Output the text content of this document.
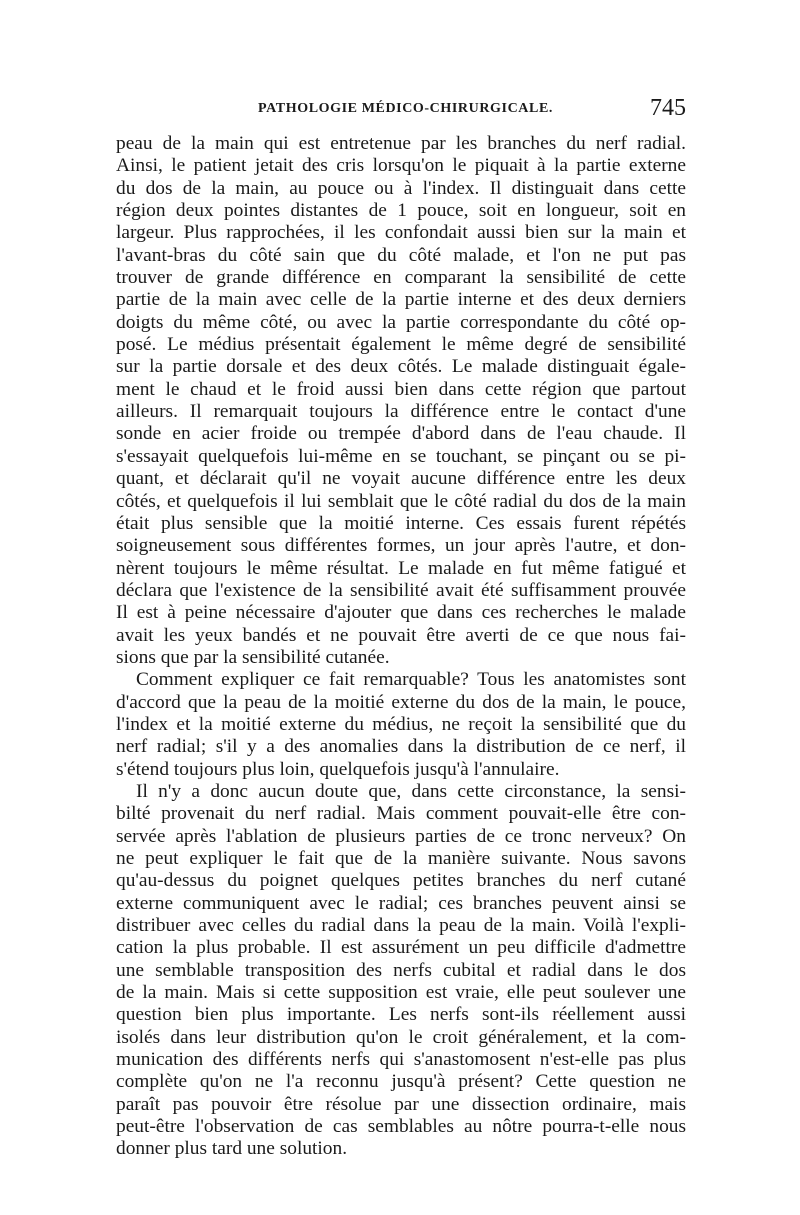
PATHOLOGIE MÉDICO-CHIRURGICALE.	745
peau de la main qui est entretenue par les branches du nerf radial.
Ainsi, le patient jetait des cris lorsqu'on le piquait à la partie externe
du dos de la main, au pouce ou à l'index. Il distinguait dans cette
région deux pointes distantes de 1 pouce, soit en longueur, soit en
largeur. Plus rapprochées, il les confondait aussi bien sur la main et
l'avant-bras du côté sain que du côté malade, et l'on ne put pas
trouver de grande différence en comparant la sensibilité de cette
partie de la main avec celle de la partie interne et des deux derniers
doigts du même côté, ou avec la partie correspondante du côté op-
posé. Le médius présentait également le même degré de sensibilité
sur la partie dorsale et des deux côtés. Le malade distinguait égale-
ment le chaud et le froid aussi bien dans cette région que partout
ailleurs. Il remarquait toujours la différence entre le contact d'une
sonde en acier froide ou trempée d'abord dans de l'eau chaude. Il
s'essayait quelquefois lui-même en se touchant, se pinçant ou se pi-
quant, et déclarait qu'il ne voyait aucune différence entre les deux
côtés, et quelquefois il lui semblait que le côté radial du dos de la main
était plus sensible que la moitié interne. Ces essais furent répétés
soigneusement sous différentes formes, un jour après l'autre, et don-
nèrent toujours le même résultat. Le malade en fut même fatigué et
déclara que l'existence de la sensibilité avait été suffisamment prouvée
Il est à peine nécessaire d'ajouter que dans ces recherches le malade
avait les yeux bandés et ne pouvait être averti de ce que nous fai-
sions que par la sensibilité cutanée.
Comment expliquer ce fait remarquable? Tous les anatomistes sont
d'accord que la peau de la moitié externe du dos de la main, le pouce,
l'index et la moitié externe du médius, ne reçoit la sensibilité que du
nerf radial; s'il y a des anomalies dans la distribution de ce nerf, il
s'étend toujours plus loin, quelquefois jusqu'à l'annulaire.
Il n'y a donc aucun doute que, dans cette circonstance, la sensi-
bilté provenait du nerf radial. Mais comment pouvait-elle être con-
servée après l'ablation de plusieurs parties de ce tronc nerveux? On
ne peut expliquer le fait que de la manière suivante. Nous savons
qu'au-dessus du poignet quelques petites branches du nerf cutané
externe communiquent avec le radial; ces branches peuvent ainsi se
distribuer avec celles du radial dans la peau de la main. Voilà l'expli-
cation la plus probable. Il est assurément un peu difficile d'admettre
une semblable transposition des nerfs cubital et radial dans le dos
de la main. Mais si cette supposition est vraie, elle peut soulever une
question bien plus importante. Les nerfs sont-ils réellement aussi
isolés dans leur distribution qu'on le croit généralement, et la com-
munication des différents nerfs qui s'anastomosent n'est-elle pas plus
complète qu'on ne l'a reconnu jusqu'à présent? Cette question ne
paraît pas pouvoir être résolue par une dissection ordinaire, mais
peut-être l'observation de cas semblables au nôtre pourra-t-elle nous
donner plus tard une solution.
